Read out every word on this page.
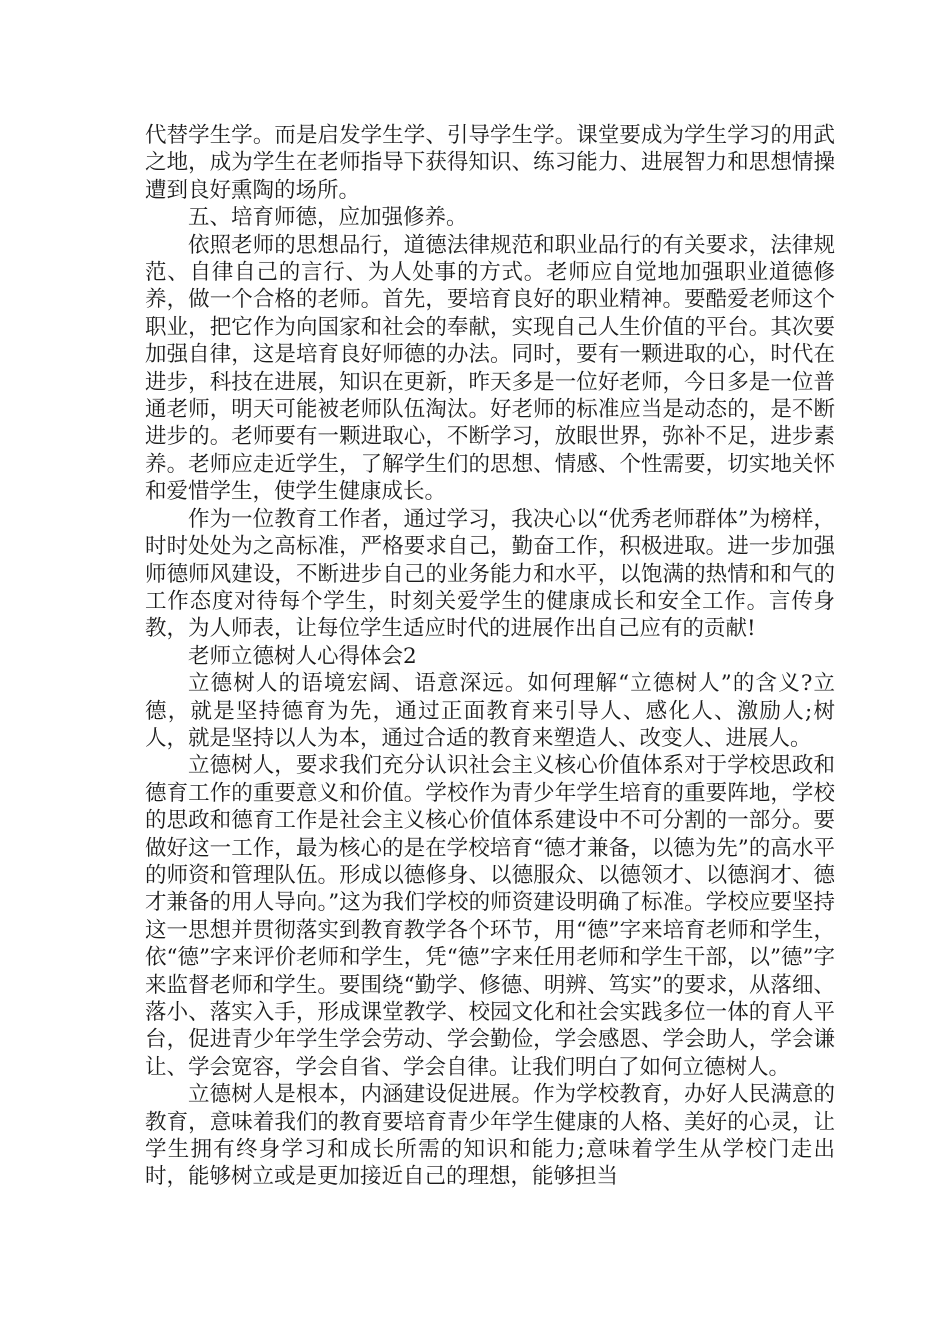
代替学生学。而是启发学生学、引导学生学。课堂要成为学生学习的用武之地，成为学生在老师指导下获得知识、练习能力、进展智力和思想情操遭到良好熏陶的场所。

五、培育师德，应加强修养。

依照老师的思想品行，道德法律规范和职业品行的有关要求，法律规范、自律自己的言行、为人处事的方式。老师应自觉地加强职业道德修养，做一个合格的老师。首先，要培育良好的职业精神。要酷爱老师这个职业，把它作为向国家和社会的奉献，实现自己人生价值的平台。其次要加强自律，这是培育良好师德的办法。同时，要有一颗进取的心，时代在进步，科技在进展，知识在更新，昨天多是一位好老师，今日多是一位普通老师，明天可能被老师队伍淘汰。好老师的标准应当是动态的，是不断进步的。老师要有一颗进取心，不断学习，放眼世界，弥补不足，进步素养。老师应走近学生，了解学生们的思想、情感、个性需要，切实地关怀和爱惜学生，使学生健康成长。

作为一位教育工作者，通过学习，我决心以“优秀老师群体”为榜样，时时处处为之高标准，严格要求自己，勤奋工作，积极进取。进一步加强师德师风建设，不断进步自己的业务能力和水平，以饱满的热情和和气的工作态度对待每个学生，时刻关爱学生的健康成长和安全工作。言传身教，为人师表，让每位学生适应时代的进展作出自己应有的贡献!

老师立德树人心得体会2

立德树人的语境宏阔、语意深远。如何理解“立德树人”的含义?立德，就是坚持德育为先，通过正面教育来引导人、感化人、激励人;树人，就是坚持以人为本，通过合适的教育来塑造人、改变人、进展人。

立德树人，要求我们充分认识社会主义核心价值体系对于学校思政和德育工作的重要意义和价值。学校作为青少年学生培育的重要阵地，学校的思政和德育工作是社会主义核心价值体系建设中不可分割的一部分。要做好这一工作，最为核心的是在学校培育“德才兼备，以德为先”的高水平的师资和管理队伍。形成以德修身、以德服众、以德领才、以德润才、德才兼备的用人导向。”这为我们学校的师资建设明确了标准。学校应要坚持这一思想并贯彻落实到教育教学各个环节，用“德”字来培育老师和学生，依“德”字来评价老师和学生，凭“德”字来任用老师和学生干部，以”德”字来监督老师和学生。要围绕“勤学、修德、明辨、笃实”的要求，从落细、落小、落实入手，形成课堂教学、校园文化和社会实践多位一体的育人平台，促进青少年学生学会劳动、学会勤俭，学会感恩、学会助人，学会谦让、学会宽容，学会自省、学会自律。让我们明白了如何立德树人。

立德树人是根本，内涵建设促进展。作为学校教育，办好人民满意的教育，意味着我们的教育要培育青少年学生健康的人格、美好的心灵，让学生拥有终身学习和成长所需的知识和能力;意味着学生从学校门走出时，能够树立或是更加接近自己的理想，能够担当
